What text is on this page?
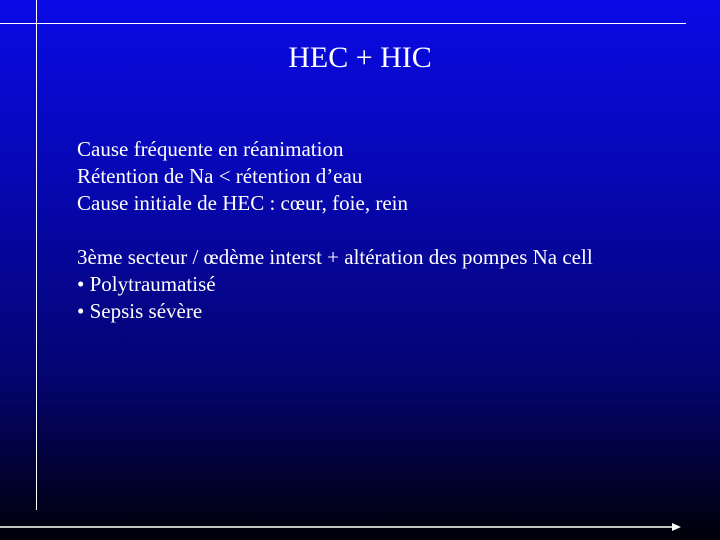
HEC + HIC
Cause fréquente en réanimation
Rétention de Na < rétention d’eau
Cause initiale de HEC : cœur, foie, rein
3ème secteur / œdème interst + altération des pompes Na cell
• Polytraumatisé
• Sepsis sévère
